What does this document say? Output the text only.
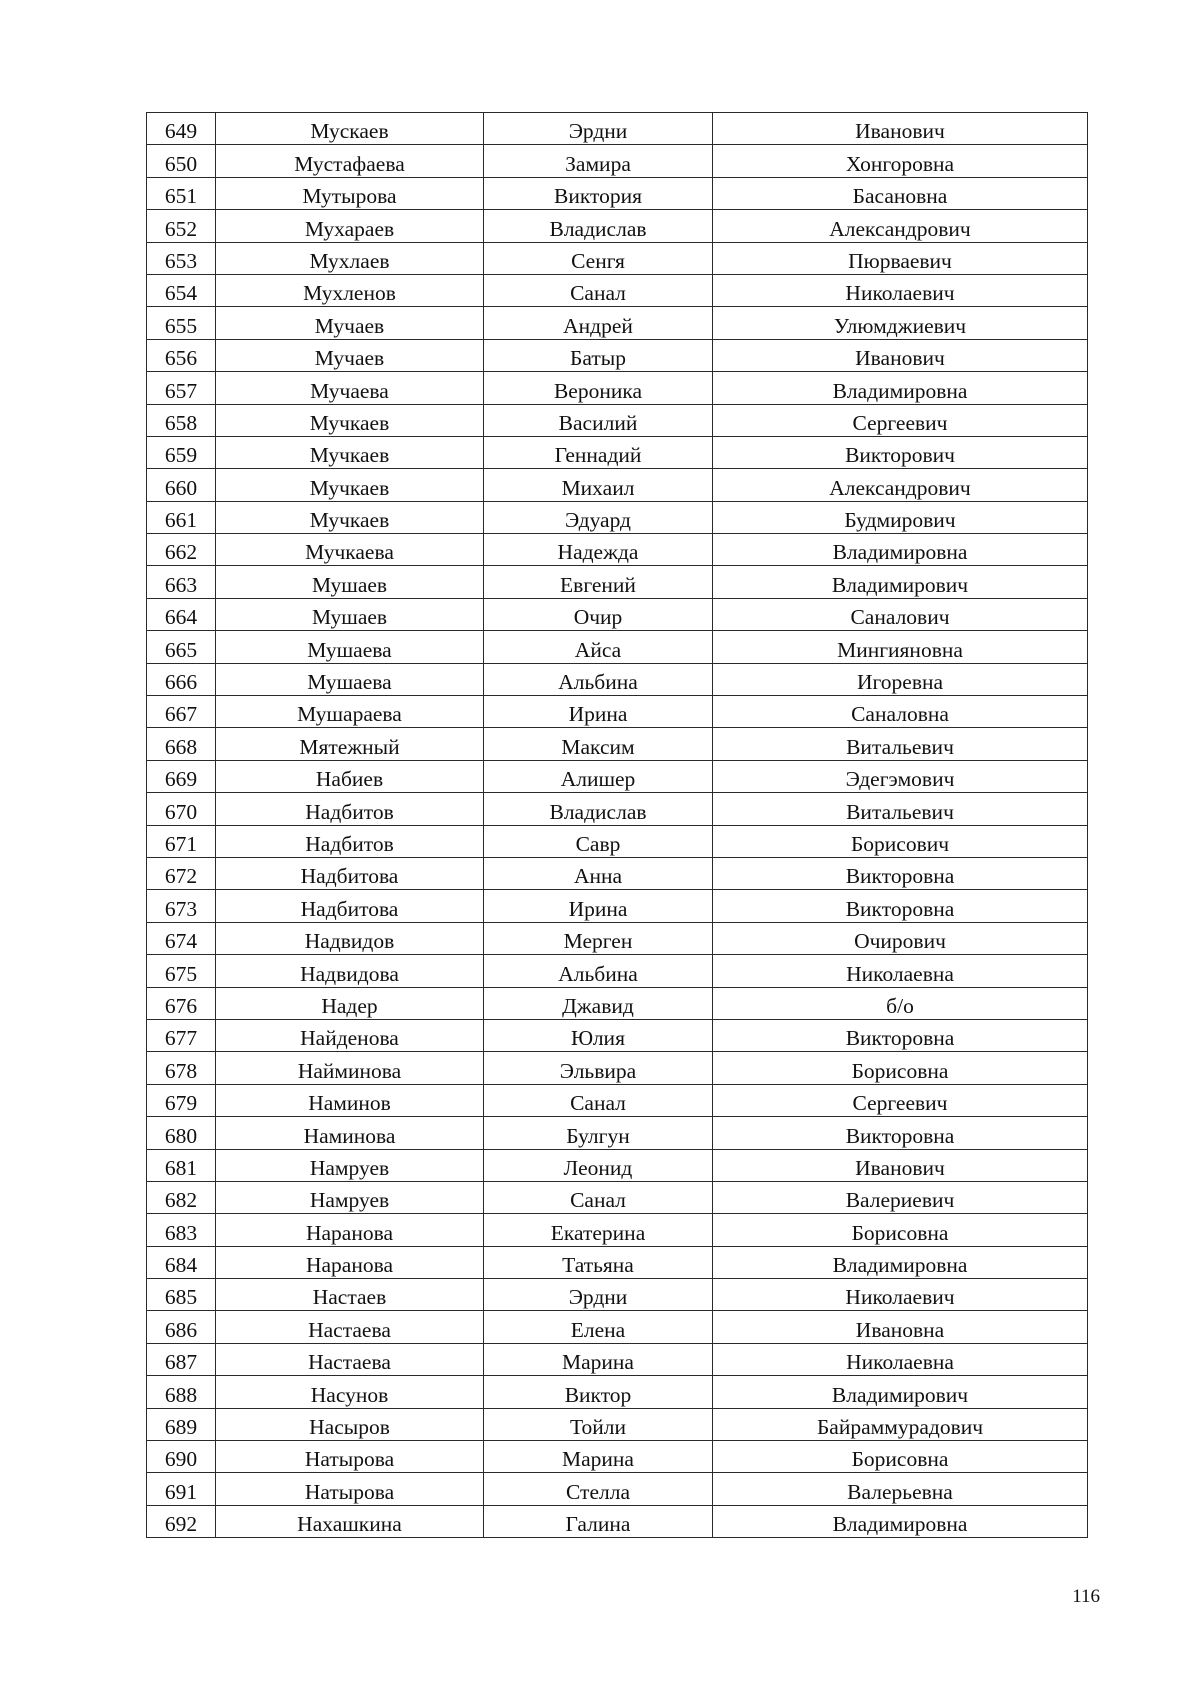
649	Мускаев	Эрдни	Иванович
650	Мустафаева	Замира	Хонгоровна
651	Мутырова	Виктория	Басановна
652	Мухараев	Владислав	Александрович
653	Мухлаев	Сенгя	Пюрваевич
654	Мухленов	Санал	Николаевич
655	Мучаев	Андрей	Улюмджиевич
656	Мучаев	Батыр	Иванович
657	Мучаева	Вероника	Владимировна
658	Мучкаев	Василий	Сергеевич
659	Мучкаев	Геннадий	Викторович
660	Мучкаев	Михаил	Александрович
661	Мучкаев	Эдуард	Будмирович
662	Мучкаева	Надежда	Владимировна
663	Мушаев	Евгений	Владимирович
664	Мушаев	Очир	Саналович
665	Мушаева	Айса	Мингияновна
666	Мушаева	Альбина	Игоревна
667	Мушараева	Ирина	Саналовна
668	Мятежный	Максим	Витальевич
669	Набиев	Алишер	Эдегэмович
670	Надбитов	Владислав	Витальевич
671	Надбитов	Савр	Борисович
672	Надбитова	Анна	Викторовна
673	Надбитова	Ирина	Викторовна
674	Надвидов	Мерген	Очирович
675	Надвидова	Альбина	Николаевна
676	Надер	Джавид	б/о
677	Найденова	Юлия	Викторовна
678	Найминова	Эльвира	Борисовна
679	Наминов	Санал	Сергеевич
680	Наминова	Булгун	Викторовна
681	Намруев	Леонид	Иванович
682	Намруев	Санал	Валериевич
683	Наранова	Екатерина	Борисовна
684	Наранова	Татьяна	Владимировна
685	Настаев	Эрдни	Николаевич
686	Настаева	Елена	Ивановна
687	Настаева	Марина	Николаевна
688	Насунов	Виктор	Владимирович
689	Насыров	Тойли	Байраммурадович
690	Натырова	Марина	Борисовна
691	Натырова	Стелла	Валерьевна
692	Нахашкина	Галина	Владимировна
116
